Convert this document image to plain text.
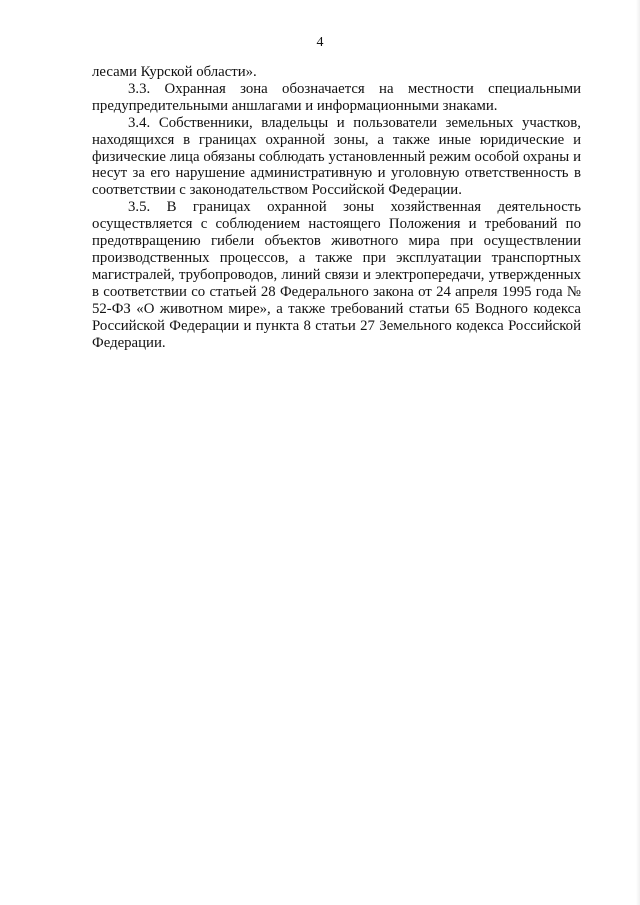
4

лесами Курской области».

3.3. Охранная зона обозначается на местности специальными предупредительными аншлагами и информационными знаками.

3.4. Собственники, владельцы и пользователи земельных участков, находящихся в границах охранной зоны, а также иные юридические и физические лица обязаны соблюдать установленный режим особой охраны и несут за его нарушение административную и уголовную ответственность в соответствии с законодательством Российской Федерации.

3.5. В границах охранной зоны хозяйственная деятельность осуществляется с соблюдением настоящего Положения и требований по предотвращению гибели объектов животного мира при осуществлении производственных процессов, а также при эксплуатации транспортных магистралей, трубопроводов, линий связи и электропередачи, утвержденных в соответствии со статьей 28 Федерального закона от 24 апреля 1995 года № 52-ФЗ «О животном мире», а также требований статьи 65 Водного кодекса Российской Федерации и пункта 8 статьи 27 Земельного кодекса Российской Федерации.
